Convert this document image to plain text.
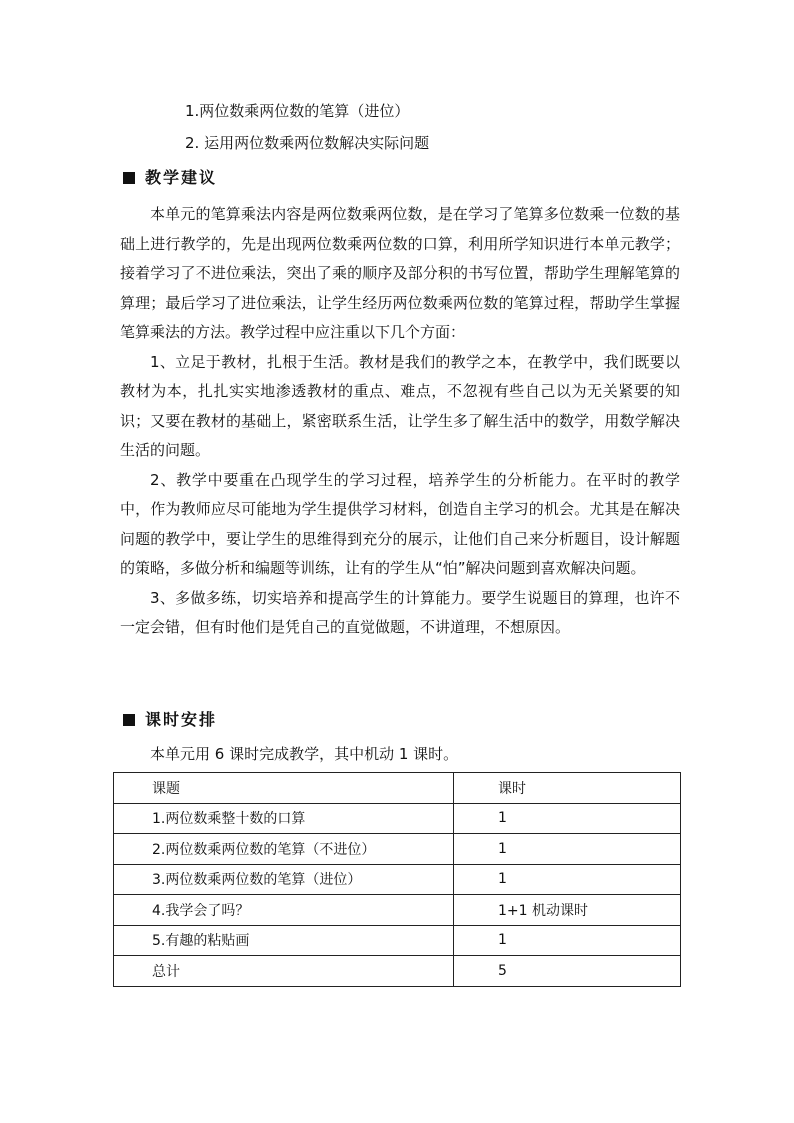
1.两位数乘两位数的笔算（进位）
2. 运用两位数乘两位数解决实际问题
教学建议

本单元的笔算乘法内容是两位数乘两位数，是在学习了笔算多位数乘一位数的基础上进行教学的，先是出现两位数乘两位数的口算，利用所学知识进行本单元教学；接着学习了不进位乘法，突出了乘的顺序及部分积的书写位置，帮助学生理解笔算的算理；最后学习了进位乘法，让学生经历两位数乘两位数的笔算过程，帮助学生掌握笔算乘法的方法。教学过程中应注重以下几个方面：

1、立足于教材，扎根于生活。教材是我们的教学之本，在教学中，我们既要以教材为本，扎扎实实地渗透教材的重点、难点，不忽视有些自己以为无关紧要的知识；又要在教材的基础上，紧密联系生活，让学生多了解生活中的数学，用数学解决生活的问题。

2、教学中要重在凸现学生的学习过程，培养学生的分析能力。在平时的教学中，作为教师应尽可能地为学生提供学习材料，创造自主学习的机会。尤其是在解决问题的教学中，要让学生的思维得到充分的展示，让他们自己来分析题目，设计解题的策略，多做分析和编题等训练，让有的学生从“怕”解决问题到喜欢解决问题。

3、多做多练，切实培养和提高学生的计算能力。要学生说题目的算理，也许不一定会错，但有时他们是凭自己的直觉做题，不讲道理，不想原因。

课时安排
本单元用 6 课时完成教学，其中机动 1 课时。
课题	课时
1.两位数乘整十数的口算	1
2.两位数乘两位数的笔算（不进位）	1
3.两位数乘两位数的笔算（进位）	1
4.我学会了吗？	1+1 机动课时
5.有趣的粘贴画	1
总计	5
